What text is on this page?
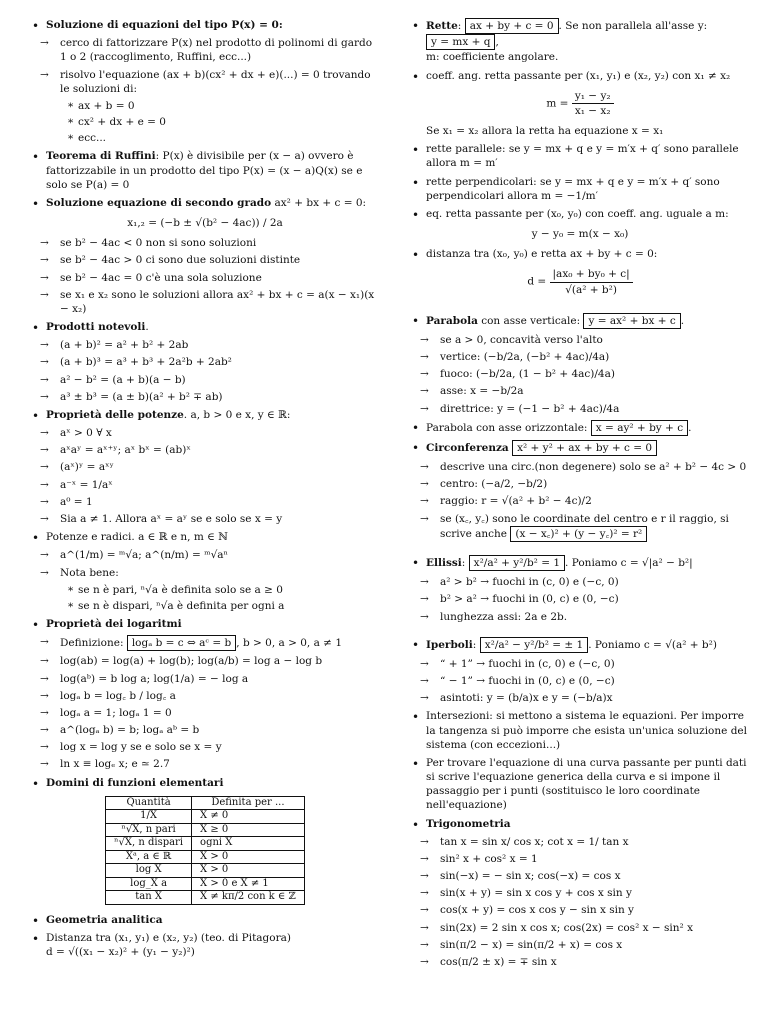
• Soluzione di equazioni del tipo P(x) = 0:
→ cerco di fattorizzare P(x) nel prodotto di polinomi di gardo 1 o 2 (raccoglimento, Ruffini, ecc...)
→ risolvo l'equazione (ax + b)(cx² + dx + e)(...) = 0 trovando le soluzioni di:
* ax + b = 0
* cx² + dx + e = 0
* ecc...
• Teorema di Ruffini: P(x) è divisibile per (x − a) ovvero è fattorizzabile in un prodotto del tipo P(x) = (x − a)Q(x) se e solo se P(a) = 0
• Soluzione equazione di secondo grado ax² + bx + c = 0:
x₁,₂ = (−b ± √(b² − 4ac)) / 2a
→ se b² − 4ac < 0 non si sono soluzioni
→ se b² − 4ac > 0 ci sono due soluzioni distinte
→ se b² − 4ac = 0 c'è una sola soluzione
→ se x₁ e x₂ sono le soluzioni allora ax² + bx + c = a(x − x₁)(x − x₂)
• Prodotti notevoli.
→ (a + b)² = a² + b² + 2ab
→ (a + b)³ = a³ + b³ + 2a²b + 2ab²
→ a² − b² = (a + b)(a − b)
→ a³ ± b³ = (a ± b)(a² + b² ∓ ab)
• Proprietà delle potenze. a, b > 0 e x, y ∈ ℝ:
→ aˣ > 0 ∀ x
→ aˣaʸ = aˣ⁺ʸ; aˣ bˣ = (ab)ˣ
→ (aˣ)ʸ = aˣʸ
→ a⁻ˣ = 1/aˣ
→ a⁰ = 1
→ Sia a ≠ 1. Allora aˣ = aʸ se e solo se x = y
• Potenze e radici. a ∈ ℝ e n, m ∈ ℕ
→ a^(1/m) = ᵐ√a; a^(n/m) = ᵐ√aⁿ
→ Nota bene:
* se n è pari, ⁿ√a è definita solo se a ≥ 0
* se n è dispari, ⁿ√a è definita per ogni a
• Proprietà dei logaritmi
→ Definizione: logₐ b = c ⇔ aᶜ = b , b > 0, a > 0, a ≠ 1
→ log(ab) = log(a) + log(b); log(a/b) = log a − log b
→ log(aᵇ) = b log a; log(1/a) = − log a
→ logₐ b = log꜀ b / log꜀ a
→ logₐ a = 1; logₐ 1 = 0
→ a^(logₐ b) = b; logₐ aᵇ = b
→ log x = log y se e solo se x = y
→ ln x ≡ logₑ x; e ≃ 2.7
• Domini di funzioni elementari
Quantità	Definita per ...
1/X	X ≠ 0
ⁿ√X, n pari	X ≥ 0
ⁿ√X, n dispari	ogni X
Xᵃ, a ∈ ℝ	X > 0
log X	X > 0
log_X a	X > 0 e X ≠ 1
tan X	X ≠ kπ/2 con k ∈ ℤ
• Geometria analitica
• Distanza tra (x₁, y₁) e (x₂, y₂) (teo. di Pitagora)
d = √((x₁ − x₂)² + (y₁ − y₂)²)
• Rette: ax + by + c = 0 . Se non parallela all'asse y: y = mx + q ,
m: coefficiente angolare.
• coeff. ang. retta passante per (x₁, y₁) e (x₂, y₂) con x₁ ≠ x₂
$m = \frac{\text{y₁ − y₂}}{\text{x₁ − x₂}}$
Se x₁ = x₂ allora la retta ha equazione x = x₁
• rette parallele: se y = mx + q e y = m′x + q′ sono parallele allora m = m′
• rette perpendicolari: se y = mx + q e y = m′x + q′ sono perpendicolari allora m = −1/m′
• eq. retta passante per (x₀, y₀) con coeff. ang. uguale a m:
y − y₀ = m(x − x₀)
• distanza tra (x₀, y₀) e retta ax + by + c = 0:
$d = \frac{\text{|ax₀ + by₀ + c|}}{\text{√(a² + b²)}}$
• Parabola con asse verticale: y = ax² + bx + c .
→ se a > 0, concavità verso l'alto
→ vertice: (−b/2a, (−b² + 4ac)/4a)
→ fuoco: (−b/2a, (1 − b² + 4ac)/4a)
→ asse: x = −b/2a
→ direttrice: y = (−1 − b² + 4ac)/4a
• Parabola con asse orizzontale: x = ay² + by + c .
• Circonferenza x² + y² + ax + by + c = 0
→ descrive una circ.(non degenere) solo se a² + b² − 4c > 0
→ centro: (−a/2, −b/2)
→ raggio: r = √(a² + b² − 4c)/2
→ se (x꜀, y꜀) sono le coordinate del centro e r il raggio, si scrive anche (x − x꜀)² + (y − y꜀)² = r²
• Ellissi: x²/a² + y²/b² = 1 . Poniamo c = √|a² − b²|
→ a² > b² → fuochi in (c, 0) e (−c, 0)
→ b² > a² → fuochi in (0, c) e (0, −c)
→ lunghezza assi: 2a e 2b.
• Iperboli: x²/a² − y²/b² = ± 1 . Poniamo c = √(a² + b²)
→ “ + 1” → fuochi in (c, 0) e (−c, 0)
→ “ − 1” → fuochi in (0, c) e (0, −c)
→ asintoti: y = (b/a)x e y = (−b/a)x
• Intersezioni: si mettono a sistema le equazioni. Per imporre la tangenza si può imporre che esista un'unica soluzione del sistema (con eccezioni...)
• Per trovare l'equazione di una curva passante per punti dati si scrive l'equazione generica della curva e si impone il passaggio per i punti (sostituisco le loro coordinate nell'equazione)
• Trigonometria
→ tan x = sin x/ cos x; cot x = 1/ tan x
→ sin² x + cos² x = 1
→ sin(−x) = − sin x; cos(−x) = cos x
→ sin(x + y) = sin x cos y + cos x sin y
→ cos(x + y) = cos x cos y − sin x sin y
→ sin(2x) = 2 sin x cos x; cos(2x) = cos² x − sin² x
→ sin(π/2 − x) = sin(π/2 + x) = cos x
→ cos(π/2 ± x) = ∓ sin x
